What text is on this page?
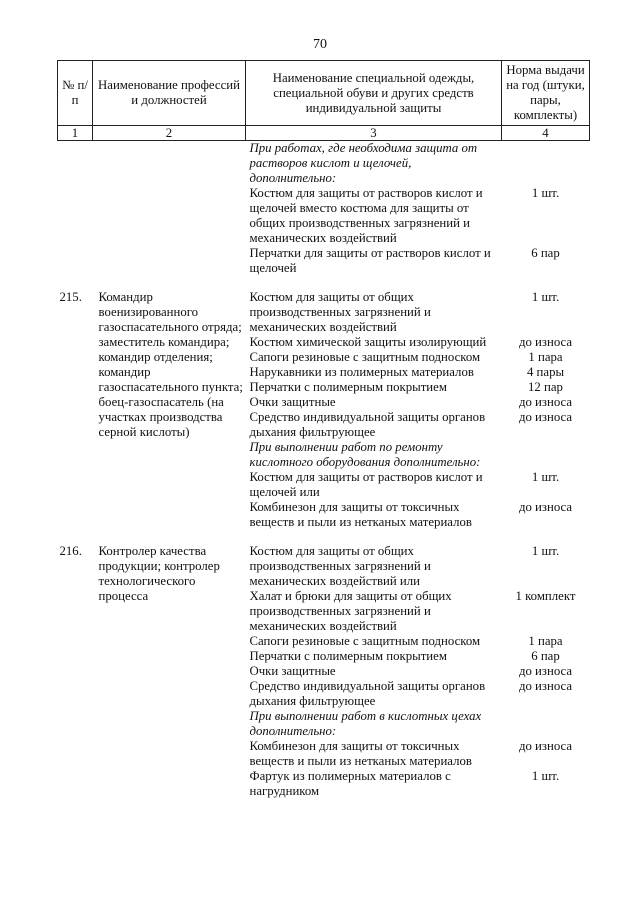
70
№ п/п	Наименование профессий и должностей	Наименование специальной одежды, специальной обуви и других средств индивидуальной защиты	Норма выдачи на год (штуки, пары, комплекты)
1	2	3	4
		При работах, где необходима защита от растворов кислот и щелочей, дополнительно:	
		Костюм для защиты от растворов кислот и щелочей вместо костюма для защиты от общих производственных загрязнений и механических воздействий	1 шт.
		Перчатки для защиты от растворов кислот и щелочей	6 пар

215.	Командир военизированного газоспасательного отряда; заместитель командира; командир отделения; командир газоспасательного пункта; боец-газоспасатель (на участках производства серной кислоты)	Костюм для защиты от общих производственных загрязнений и механических воздействий	1 шт.
		Костюм химической защиты изолирующий	до износа
		Сапоги резиновые с защитным подноском	1 пара
		Нарукавники из полимерных материалов	4 пары
		Перчатки с полимерным покрытием	12 пар
		Очки защитные	до износа
		Средство индивидуальной защиты органов дыхания фильтрующее	до износа
		При выполнении работ по ремонту кислотного оборудования дополнительно:	
		Костюм для защиты от растворов кислот и щелочей или	1 шт.
		Комбинезон для защиты от токсичных веществ и пыли из нетканых материалов	до износа

216.	Контролер качества продукции; контролер технологического процесса	Костюм для защиты от общих производственных загрязнений и механических воздействий или	1 шт.
		Халат и брюки для защиты от общих производственных загрязнений и механических воздействий	1 комплект
		Сапоги резиновые с защитным подноском	1 пара
		Перчатки с полимерным покрытием	6 пар
		Очки защитные	до износа
		Средство индивидуальной защиты органов дыхания фильтрующее	до износа
		При выполнении работ в кислотных цехах дополнительно:	
		Комбинезон для защиты от токсичных веществ и пыли из нетканых материалов	до износа
		Фартук из полимерных материалов с нагрудником	1 шт.
